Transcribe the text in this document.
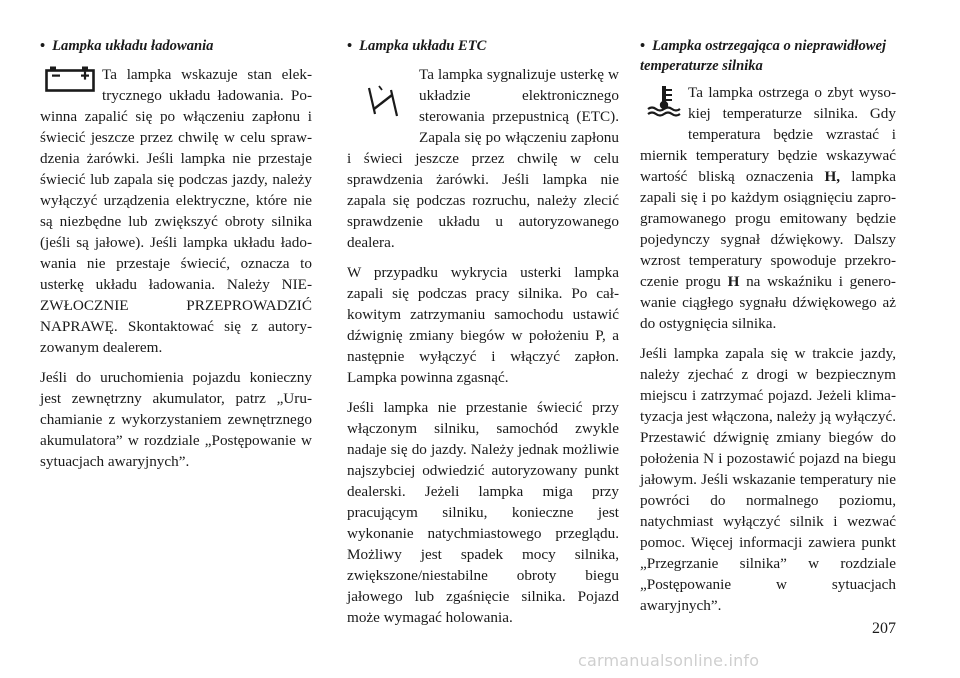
• Lampka układu ładowania

Ta lampka wskazuje stan elektrycznego układu ładowania. Powinna zapalić się po włączeniu zapłonu i świecić jeszcze przez chwilę w celu sprawdzenia żarówki. Jeśli lampka nie przestaje świecić lub zapala się podczas jazdy, należy wyłączyć urządzenia elektryczne, które nie są niezbędne lub zwiększyć obroty silnika (jeśli są jałowe). Jeśli lampka układu ładowania nie przestaje świecić, oznacza to usterkę układu ładowania. Należy NIEZWŁOCZNIE PRZEPROWADZIĆ NAPRAWĘ. Skontaktować się z autoryzowanym dealerem.

Jeśli do uruchomienia pojazdu konieczny jest zewnętrzny akumulator, patrz „Uruchamianie z wykorzystaniem zewnętrznego akumulatora” w rozdziale „Postępowanie w sytuacjach awaryjnych”.

• Lampka układu ETC

Ta lampka sygnalizuje usterkę w układzie elektronicznego sterowania przepustnicą (ETC). Zapala się po włączeniu zapłonu i świeci jeszcze przez chwilę w celu sprawdzenia żarówki. Jeśli lampka nie zapala się podczas rozruchu, należy zlecić sprawdzenie układu u autoryzowanego dealera.

W przypadku wykrycia usterki lampka zapali się podczas pracy silnika. Po całkowitym zatrzymaniu samochodu ustawić dźwignię zmiany biegów w położeniu P, a następnie wyłączyć i włączyć zapłon. Lampka powinna zgasnąć.

Jeśli lampka nie przestanie świecić przy włączonym silniku, samochód zwykle nadaje się do jazdy. Należy jednak możliwie najszybciej odwiedzić autoryzowany punkt dealerski. Jeżeli lampka miga przy pracującym silniku, konieczne jest wykonanie natychmiastowego przeglądu. Możliwy jest spadek mocy silnika, zwiększone/niestabilne obroty biegu jałowego lub zgaśnięcie silnika. Pojazd może wymagać holowania.

• Lampka ostrzegająca o nieprawidłowej temperaturze silnika

Ta lampka ostrzega o zbyt wysokiej temperaturze silnika. Gdy temperatura będzie wzrastać i miernik temperatury będzie wskazywać wartość bliską oznaczenia H, lampka zapali się i po każdym osiągnięciu zaprogramowanego progu emitowany będzie pojedynczy sygnał dźwiękowy. Dalszy wzrost temperatury spowoduje przekroczenie progu H na wskaźniku i generowanie ciągłego sygnału dźwiękowego aż do ostygnięcia silnika.

Jeśli lampka zapala się w trakcie jazdy, należy zjechać z drogi w bezpiecznym miejscu i zatrzymać pojazd. Jeżeli klimatyzacja jest włączona, należy ją wyłączyć. Przestawić dźwignię zmiany biegów do położenia N i pozostawić pojazd na biegu jałowym. Jeśli wskazanie temperatury nie powróci do normalnego poziomu, natychmiast wyłączyć silnik i wezwać pomoc. Więcej informacji zawiera punkt „Przegrzanie silnika” w rozdziale „Postępowanie w sytuacjach awaryjnych”.

207
carmanualsonline.info
